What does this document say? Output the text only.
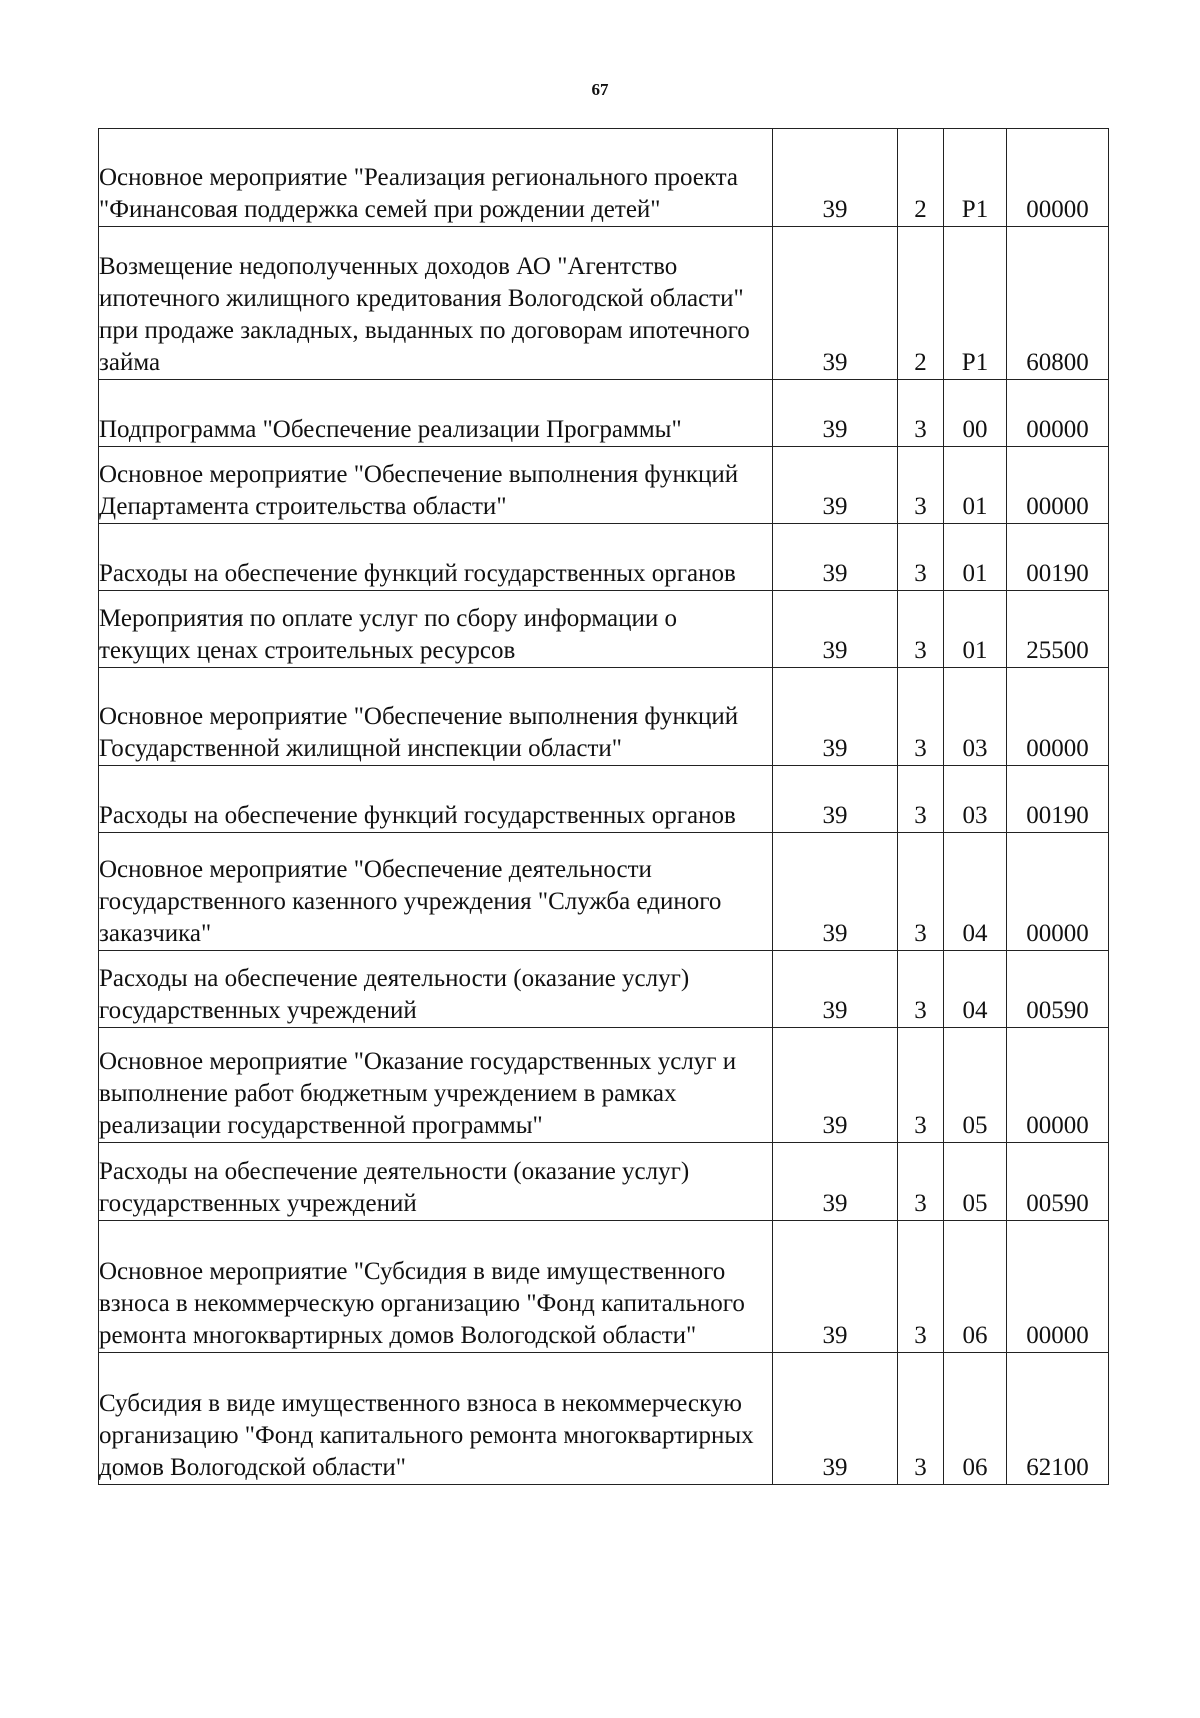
67
Основное мероприятие "Реализация регионального проекта "Финансовая поддержка семей при рождении детей"	39	2	P1	00000
Возмещение недополученных доходов АО "Агентство ипотечного жилищного кредитования Вологодской области" при продаже закладных, выданных по договорам ипотечного займа	39	2	P1	60800
Подпрограмма "Обеспечение реализации Программы"	39	3	00	00000
Основное мероприятие "Обеспечение выполнения функций Департамента строительства области"	39	3	01	00000
Расходы на обеспечение функций государственных органов	39	3	01	00190
Мероприятия по оплате услуг по сбору информации о текущих ценах строительных ресурсов	39	3	01	25500
Основное мероприятие "Обеспечение выполнения функций Государственной жилищной инспекции области"	39	3	03	00000
Расходы на обеспечение функций государственных органов	39	3	03	00190
Основное мероприятие "Обеспечение деятельности государственного казенного учреждения "Служба единого заказчика"	39	3	04	00000
Расходы на обеспечение деятельности (оказание услуг) государственных учреждений	39	3	04	00590
Основное мероприятие "Оказание государственных услуг и выполнение работ бюджетным учреждением в рамках реализации государственной программы"	39	3	05	00000
Расходы на обеспечение деятельности (оказание услуг) государственных учреждений	39	3	05	00590
Основное мероприятие "Субсидия в виде имущественного взноса в некоммерческую организацию "Фонд капитального ремонта многоквартирных домов Вологодской области"	39	3	06	00000
Субсидия в виде имущественного взноса в некоммерческую организацию "Фонд капитального ремонта многоквартирных домов Вологодской области"	39	3	06	62100
